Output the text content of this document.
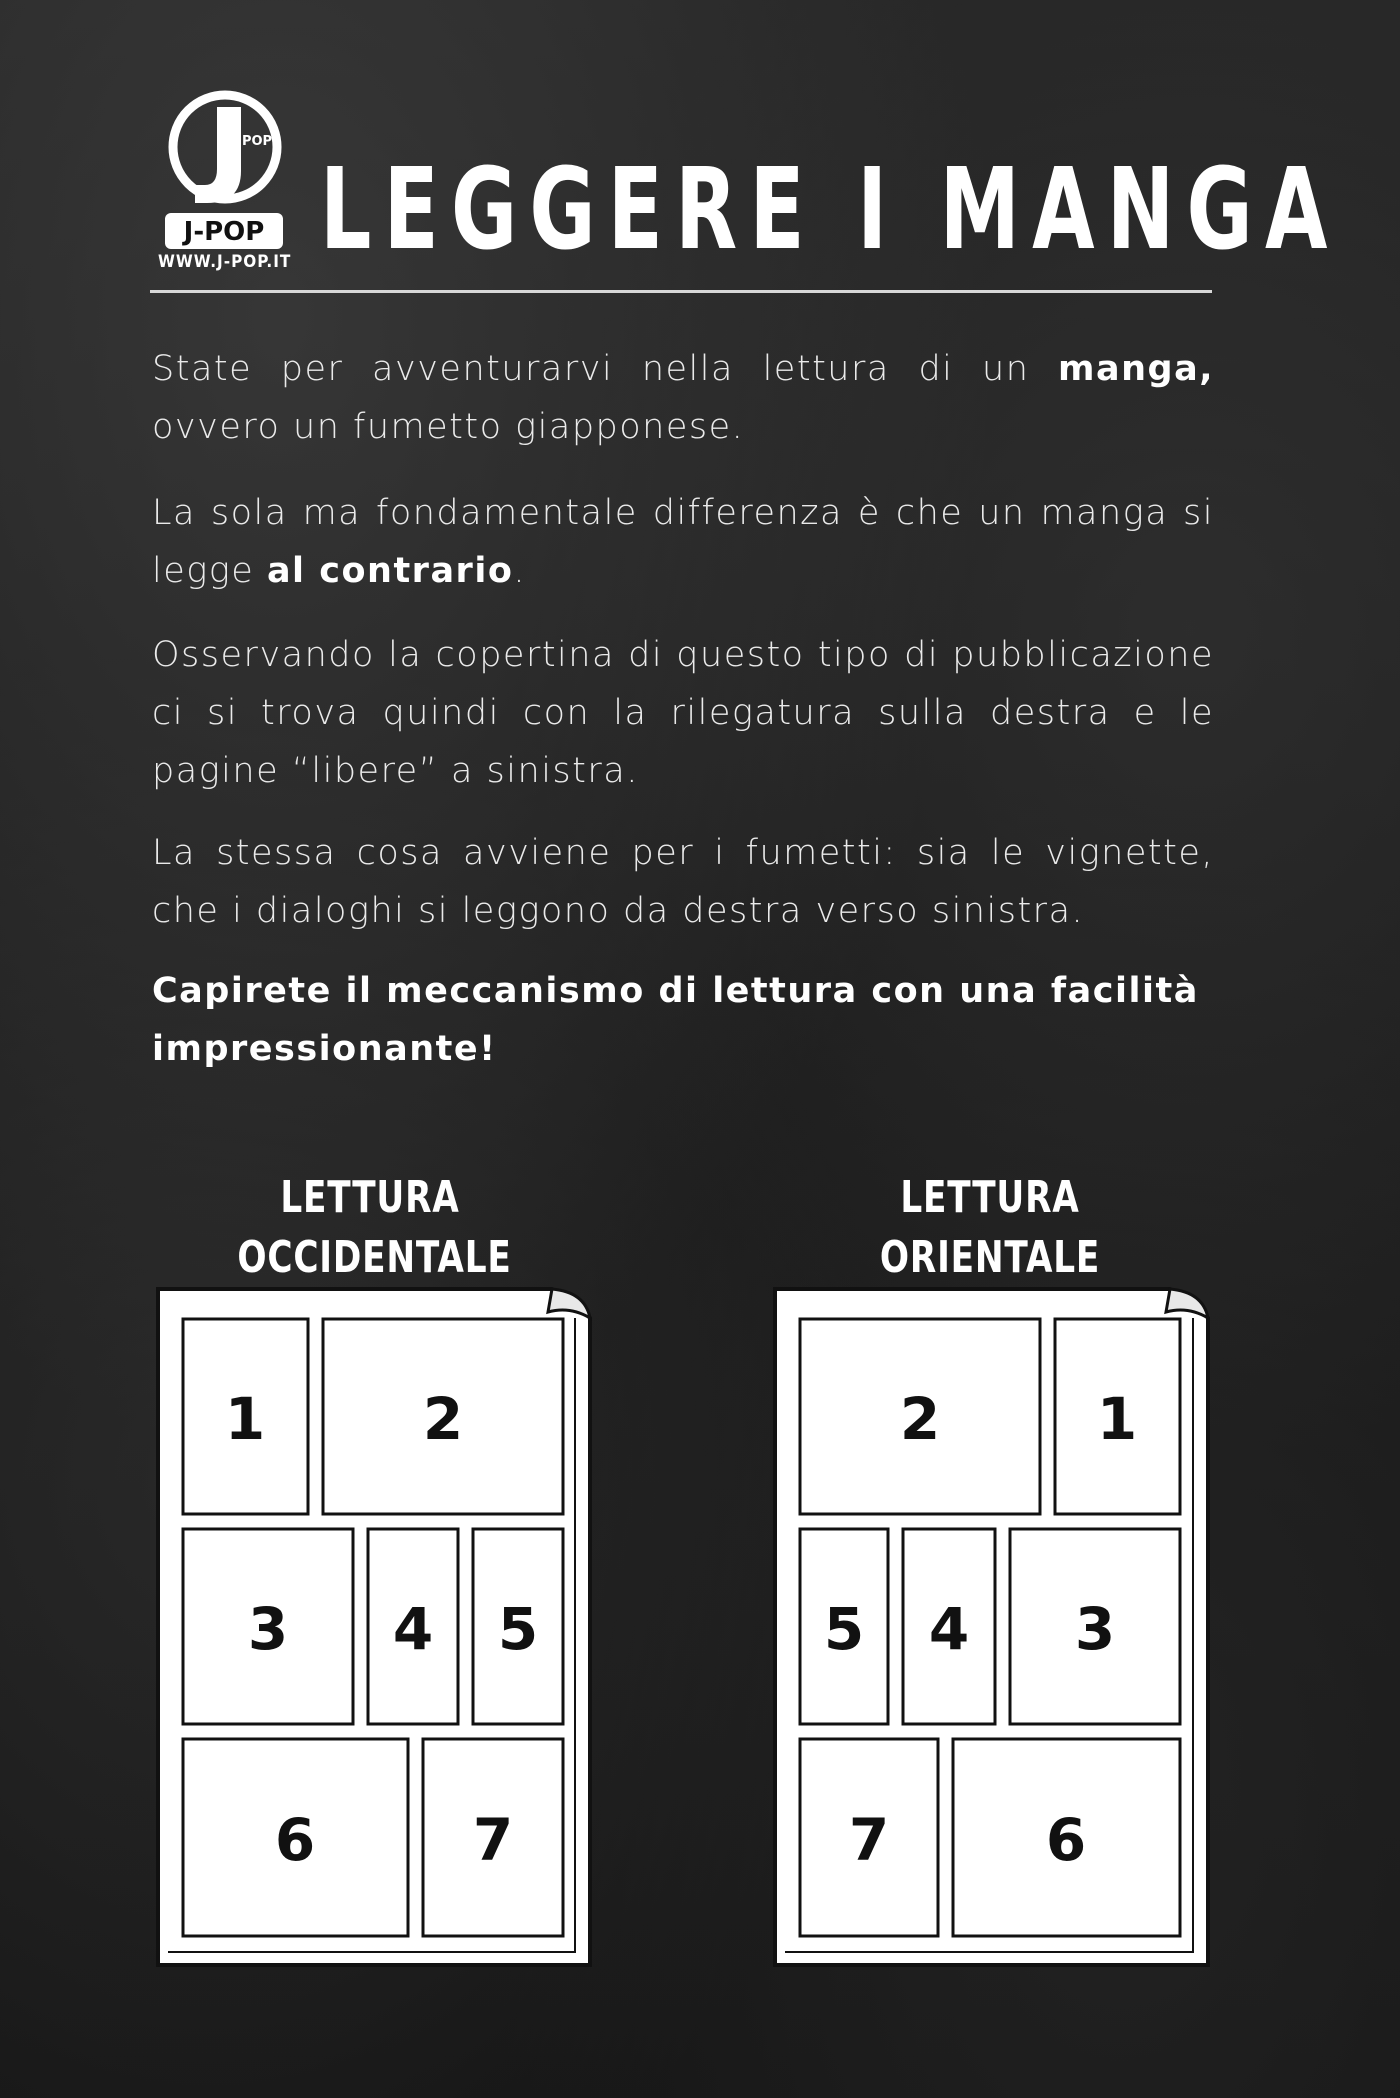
J-POP
POP
WWW.J-POP.IT LEGGERE I MANGA
State per avventurarvi nella lettura di un manga, ovvero un fumetto giapponese.
La sola ma fondamentale differenza è che un manga si legge al contrario.
Osservando la copertina di questo tipo di pubblicazione ci si trova quindi con la rilegatura sulla destra e le pagine “libere” a sinistra.
La stessa cosa avviene per i fumetti: sia le vignette, che i dialoghi si leggono da destra verso sinistra.
Capirete il meccanismo di lettura con una facilità impressionante!
LETTURA
OCCIDENTALE
LETTURA
ORIENTALE
1	2
3 4 5
6	7
2	1
5 4 3
7	6
